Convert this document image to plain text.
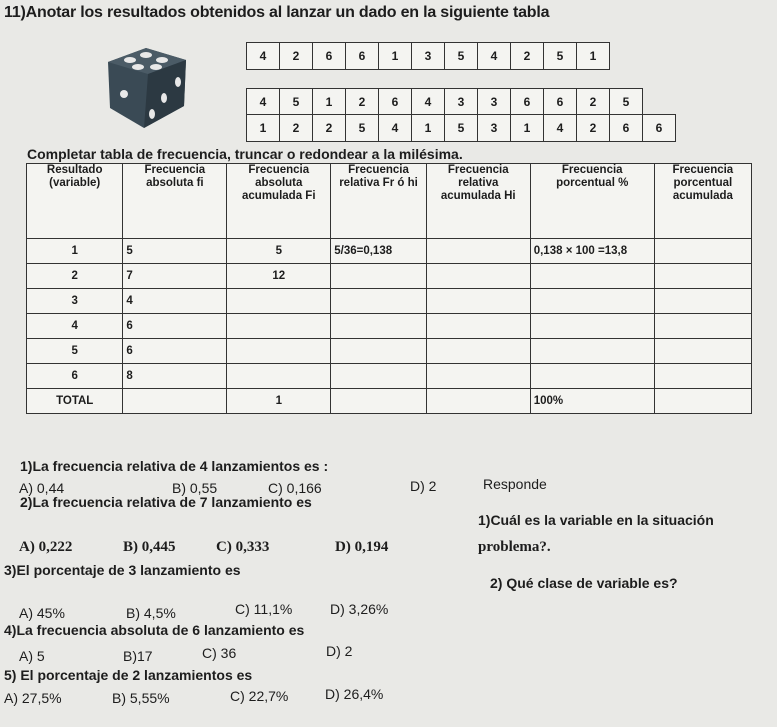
11)Anotar los resultados obtenidos al lanzar un dado en la siguiente tabla
4	2	6	6	1	3	5	4	2	5	1
4	5	1	2	6	4	3	3	6	6	2	5
1	2	2	5	4	1	5	3	1	4	2	6	6
Completar tabla de frecuencia, truncar o redondear a la milésima.
Resultado (variable)	Frecuencia absoluta fi	Frecuencia absoluta acumulada Fi	Frecuencia relativa Fr ó hi	Frecuencia relativa acumulada Hi	Frecuencia porcentual %	Frecuencia porcentual acumulada
1	5	5	5/36=0,138		0,138 × 100 =13,8	
2	7	12				
3	4					
4	6					
5	6					
6	8					
TOTAL		1			100%	
1)La frecuencia relativa de 4 lanzamientos es :
A) 0,44	B) 0,55	C) 0,166	D) 2	Responde
2)La frecuencia relativa de 7 lanzamiento es
1)Cuál es la variable en la situación
A) 0,222	B) 0,445	C) 0,333	D) 0,194	problema?.
3)El porcentaje de 3 lanzamiento es
2) Qué clase de variable es?
A) 45%	B) 4,5%	C) 11,1%	D) 3,26%
4)La frecuencia absoluta de 6 lanzamiento es
A) 5	B)17	C) 36	D) 2
5) El porcentaje de 2 lanzamientos es
A) 27,5%	B) 5,55%	C) 22,7%	D) 26,4%
